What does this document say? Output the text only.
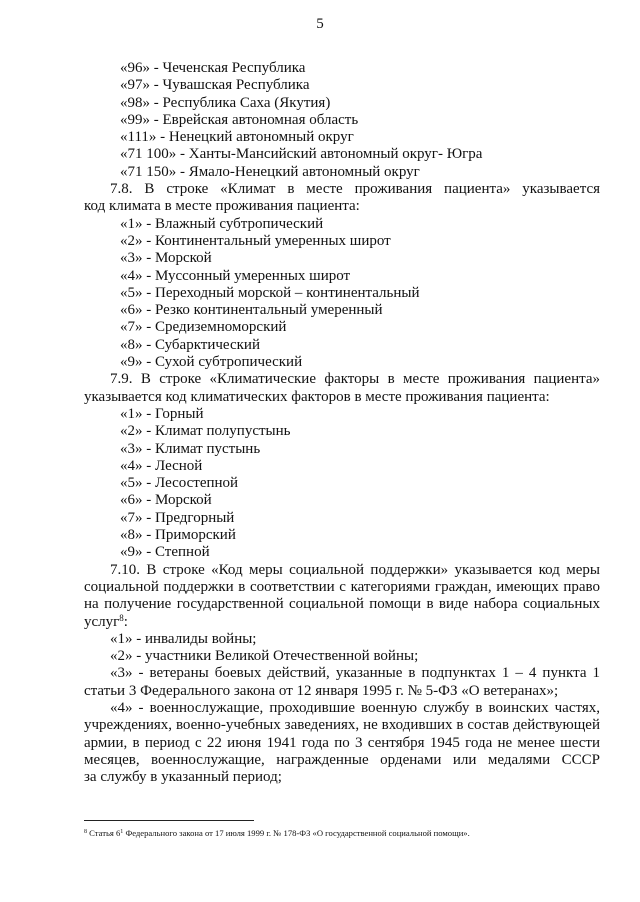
5
«96» - Чеченская Республика
«97» - Чувашская Республика
«98» - Республика Саха (Якутия)
«99» - Еврейская автономная область
«111» - Ненецкий автономный округ
«71 100» - Ханты-Мансийский автономный округ- Югра
«71 150» - Ямало-Ненецкий автономный округ
7.8. В строке «Климат в месте проживания пациента» указывается
код климата в месте проживания пациента:
«1» - Влажный субтропический
«2» - Континентальный умеренных широт
«3» - Морской
«4» - Муссонный умеренных широт
«5» - Переходный морской – континентальный
«6» - Резко континентальный умеренный
«7» - Средиземноморский
«8» - Субарктический
«9» - Сухой субтропический
7.9. В строке «Климатические факторы в месте проживания пациента»
указывается код климатических факторов в месте проживания пациента:
«1» - Горный
«2» - Климат полупустынь
«3» - Климат пустынь
«4» - Лесной
«5» - Лесостепной
«6» - Морской
«7» - Предгорный
«8» - Приморский
«9» - Степной
7.10. В строке «Код меры социальной поддержки» указывается код меры
социальной поддержки в соответствии с категориями граждан, имеющих право
на получение государственной социальной помощи в виде набора социальных
услуг$^8$:
«1» - инвалиды войны;
«2» - участники Великой Отечественной войны;
«3» - ветераны боевых действий, указанные в подпунктах 1 – 4 пункта 1
статьи 3 Федерального закона от 12 января 1995 г. № 5-ФЗ «О ветеранах»;
«4» - военнослужащие, проходившие военную службу в воинских частях,
учреждениях, военно-учебных заведениях, не входивших в состав действующей
армии, в период с 22 июня 1941 года по 3 сентября 1945 года не менее шести
месяцев, военнослужащие, награжденные орденами или медалями СССР
за службу в указанный период;
$^8$ Статья $6^1$ Федерального закона от 17 июля 1999 г. № 178-ФЗ «О государственной социальной помощи».
